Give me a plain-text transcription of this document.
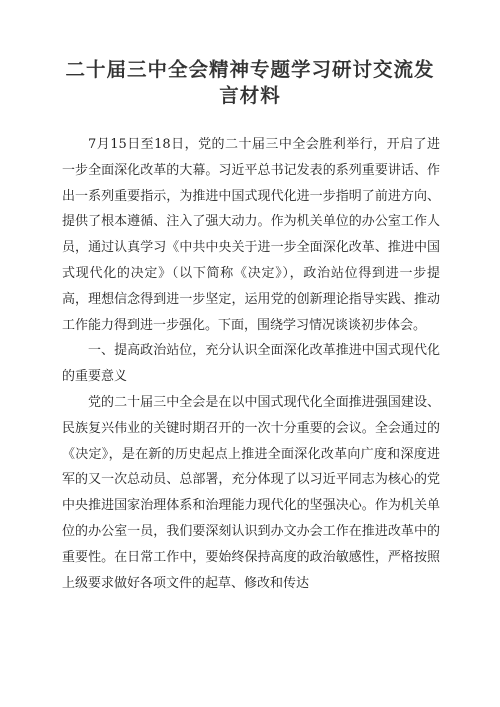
二十届三中全会精神专题学习研讨交流发
言材料

7月15日至18日，党的二十届三中全会胜利举行，开启了进一步全面深化改革的大幕。习近平总书记发表的系列重要讲话、作出一系列重要指示，为推进中国式现代化进一步指明了前进方向、提供了根本遵循、注入了强大动力。作为机关单位的办公室工作人员，通过认真学习《中共中央关于进一步全面深化改革、推进中国式现代化的决定》（以下简称《决定》），政治站位得到进一步提高，理想信念得到进一步坚定，运用党的创新理论指导实践、推动工作能力得到进一步强化。下面，围绕学习情况谈谈初步体会。

一、提高政治站位，充分认识全面深化改革推进中国式现代化的重要意义

党的二十届三中全会是在以中国式现代化全面推进强国建设、民族复兴伟业的关键时期召开的一次十分重要的会议。全会通过的《决定》，是在新的历史起点上推进全面深化改革向广度和深度进军的又一次总动员、总部署，充分体现了以习近平同志为核心的党中央推进国家治理体系和治理能力现代化的坚强决心。作为机关单位的办公室一员，我们要深刻认识到办文办会工作在推进改革中的重要性。在日常工作中，要始终保持高度的政治敏感性，严格按照上级要求做好各项文件的起草、修改和传达
